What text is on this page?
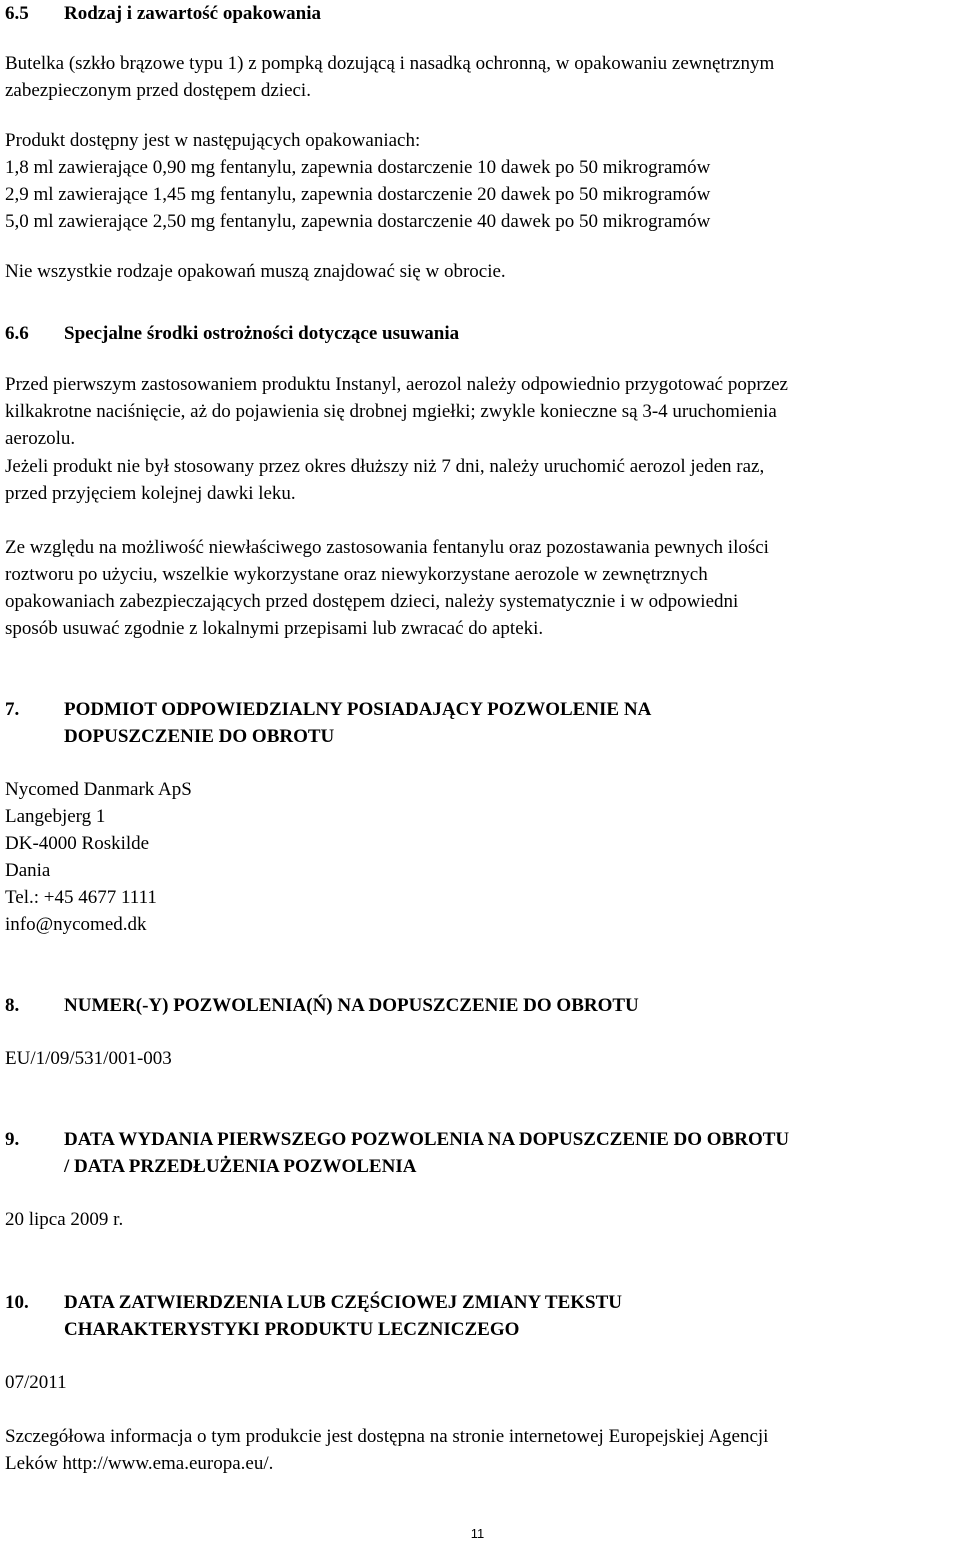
6.5 Rodzaj i zawartość opakowania
Butelka (szkło brązowe typu 1) z pompką dozującą i nasadką ochronną, w opakowaniu zewnętrznym
zabezpieczonym przed dostępem dzieci.
Produkt dostępny jest w następujących opakowaniach:
1,8 ml zawierające 0,90 mg fentanylu, zapewnia dostarczenie 10 dawek po 50 mikrogramów
2,9 ml zawierające 1,45 mg fentanylu, zapewnia dostarczenie 20 dawek po 50 mikrogramów
5,0 ml zawierające 2,50 mg fentanylu, zapewnia dostarczenie 40 dawek po 50 mikrogramów
Nie wszystkie rodzaje opakowań muszą znajdować się w obrocie.
6.6 Specjalne środki ostrożności dotyczące usuwania
Przed pierwszym zastosowaniem produktu Instanyl, aerozol należy odpowiednio przygotować poprzez
kilkakrotne naciśnięcie, aż do pojawienia się drobnej mgiełki; zwykle konieczne są 3-4 uruchomienia
aerozolu.
Jeżeli produkt nie był stosowany przez okres dłuższy niż 7 dni, należy uruchomić aerozol jeden raz,
przed przyjęciem kolejnej dawki leku.
Ze względu na możliwość niewłaściwego zastosowania fentanylu oraz pozostawania pewnych ilości
roztworu po użyciu, wszelkie wykorzystane oraz niewykorzystane aerozole w zewnętrznych
opakowaniach zabezpieczających przed dostępem dzieci, należy systematycznie i w odpowiedni
sposób usuwać zgodnie z lokalnymi przepisami lub zwracać do apteki.
7. PODMIOT ODPOWIEDZIALNY POSIADAJĄCY POZWOLENIE NA
DOPUSZCZENIE DO OBROTU
Nycomed Danmark ApS
Langebjerg 1
DK-4000 Roskilde
Dania
Tel.: +45 4677 1111
info@nycomed.dk
8. NUMER(-Y) POZWOLENIA(Ń) NA DOPUSZCZENIE DO OBROTU
EU/1/09/531/001-003
9. DATA WYDANIA PIERWSZEGO POZWOLENIA NA DOPUSZCZENIE DO OBROTU
/ DATA PRZEDŁUŻENIA POZWOLENIA
20 lipca 2009 r.
10. DATA ZATWIERDZENIA LUB CZĘŚCIOWEJ ZMIANY TEKSTU
CHARAKTERYSTYKI PRODUKTU LECZNICZEGO
07/2011
Szczegółowa informacja o tym produkcie jest dostępna na stronie internetowej Europejskiej Agencji
Leków http://www.ema.europa.eu/.
11
